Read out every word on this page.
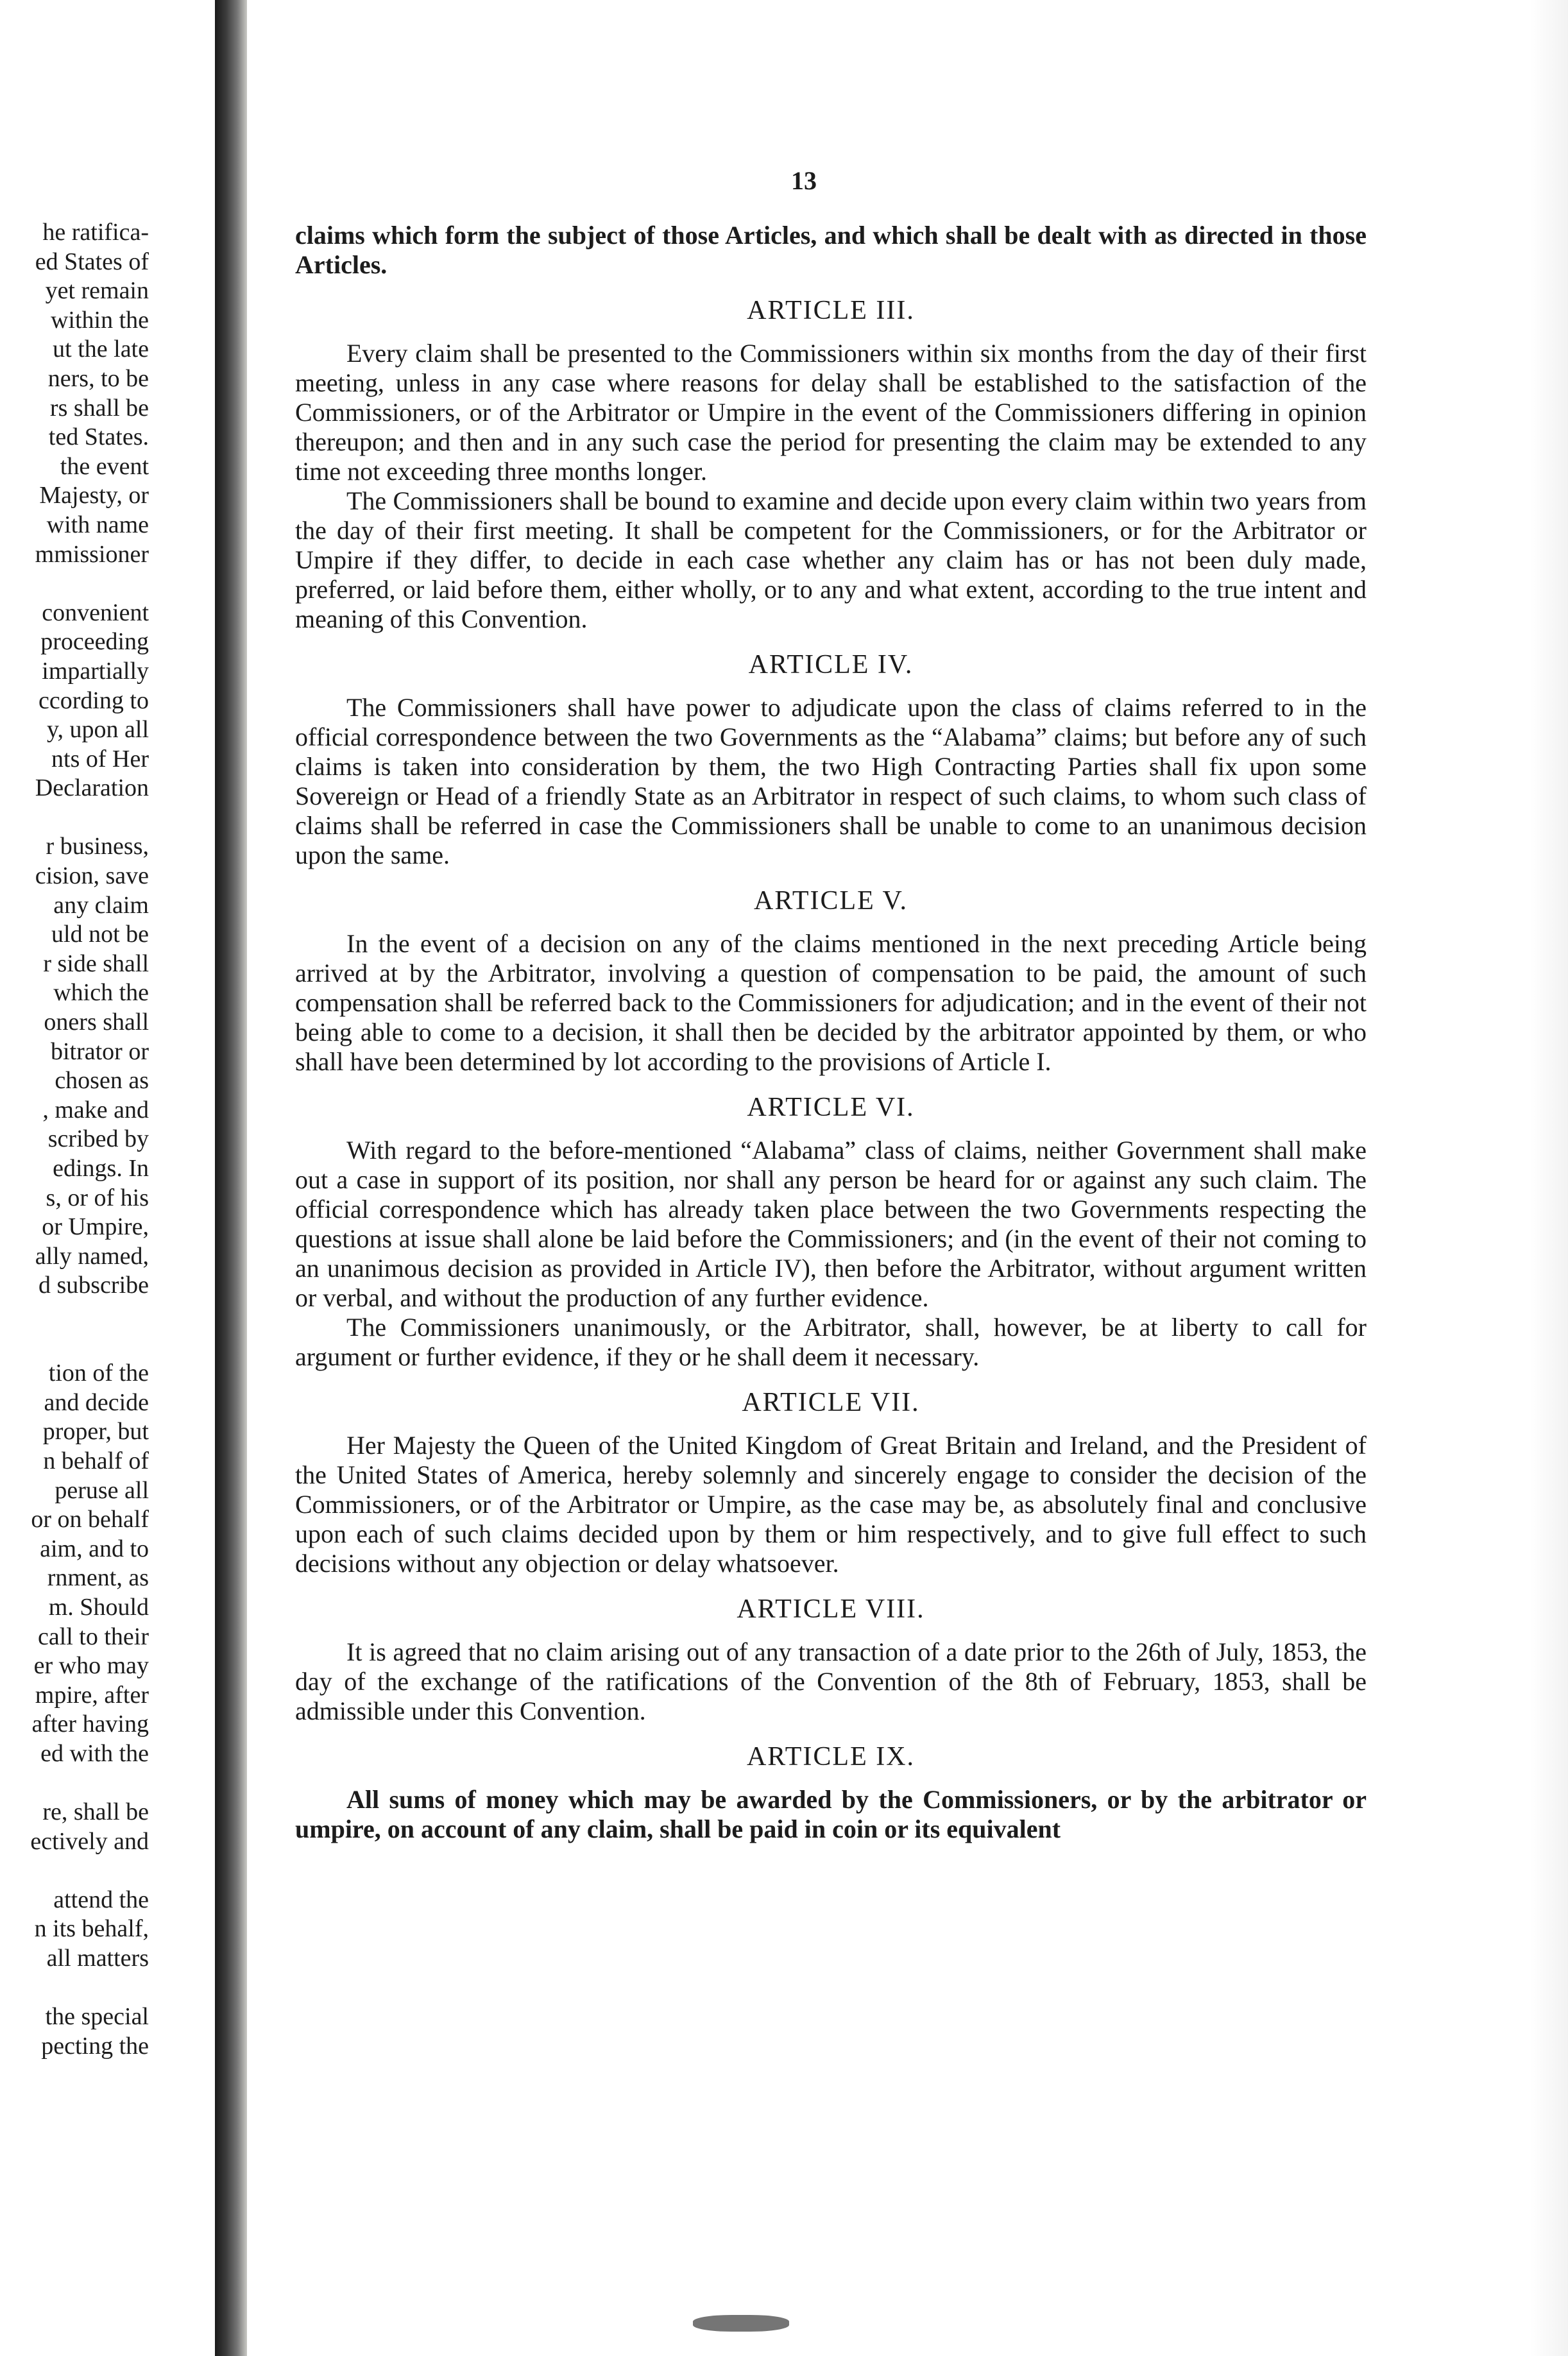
he ratifica-
ed States of
yet remain
within the
ut the late
ners, to be
rs shall be
ted States.
the event
Majesty, or
with name
mmissioner
convenient
proceeding
impartially
ccording to
y, upon all
nts of Her
Declaration
r business,
cision, save
any claim
uld not be
r side shall
which the
oners shall
bitrator or
chosen as
, make and
scribed by
edings. In
s, or of his
or Umpire,
ally named,
d subscribe
tion of the
and decide
proper, but
n behalf of
peruse all
or on behalf
aim, and to
rnment, as
m. Should
call to their
er who may
mpire, after
after having
ed with the
re, shall be
ectively and
attend the
n its behalf,
all matters
the special
pecting the
13

claims which form the subject of those Articles, and which shall be dealt with as directed in those Articles.

ARTICLE III.

Every claim shall be presented to the Commissioners within six months from the day of their first meeting, unless in any case where reasons for delay shall be established to the satisfaction of the Commissioners, or of the Arbitrator or Umpire in the event of the Commissioners differing in opinion thereupon; and then and in any such case the period for presenting the claim may be extended to any time not exceeding three months longer.

The Commissioners shall be bound to examine and decide upon every claim within two years from the day of their first meeting. It shall be competent for the Commissioners, or for the Arbitrator or Umpire if they differ, to decide in each case whether any claim has or has not been duly made, preferred, or laid before them, either wholly, or to any and what extent, according to the true intent and meaning of this Convention.

ARTICLE IV.

The Commissioners shall have power to adjudicate upon the class of claims referred to in the official correspondence between the two Governments as the “Alabama” claims; but before any of such claims is taken into consideration by them, the two High Contracting Parties shall fix upon some Sovereign or Head of a friendly State as an Arbitrator in respect of such claims, to whom such class of claims shall be referred in case the Commissioners shall be unable to come to an unanimous decision upon the same.

ARTICLE V.

In the event of a decision on any of the claims mentioned in the next preceding Article being arrived at by the Arbitrator, involving a question of compensation to be paid, the amount of such compensation shall be referred back to the Commissioners for adjudication; and in the event of their not being able to come to a decision, it shall then be decided by the arbitrator appointed by them, or who shall have been determined by lot according to the provisions of Article I.

ARTICLE VI.

With regard to the before-mentioned “Alabama” class of claims, neither Government shall make out a case in support of its position, nor shall any person be heard for or against any such claim. The official correspondence which has already taken place between the two Governments respecting the questions at issue shall alone be laid before the Commissioners; and (in the event of their not coming to an unanimous decision as provided in Article IV), then before the Arbitrator, without argument written or verbal, and without the production of any further evidence.

The Commissioners unanimously, or the Arbitrator, shall, however, be at liberty to call for argument or further evidence, if they or he shall deem it necessary.

ARTICLE VII.

Her Majesty the Queen of the United Kingdom of Great Britain and Ireland, and the President of the United States of America, hereby solemnly and sincerely engage to consider the decision of the Commissioners, or of the Arbitrator or Umpire, as the case may be, as absolutely final and conclusive upon each of such claims decided upon by them or him respectively, and to give full effect to such decisions without any objection or delay whatsoever.

ARTICLE VIII.

It is agreed that no claim arising out of any transaction of a date prior to the 26th of July, 1853, the day of the exchange of the ratifications of the Convention of the 8th of February, 1853, shall be admissible under this Convention.

ARTICLE IX.

All sums of money which may be awarded by the Commissioners, or by the arbitrator or umpire, on account of any claim, shall be paid in coin or its equivalent
